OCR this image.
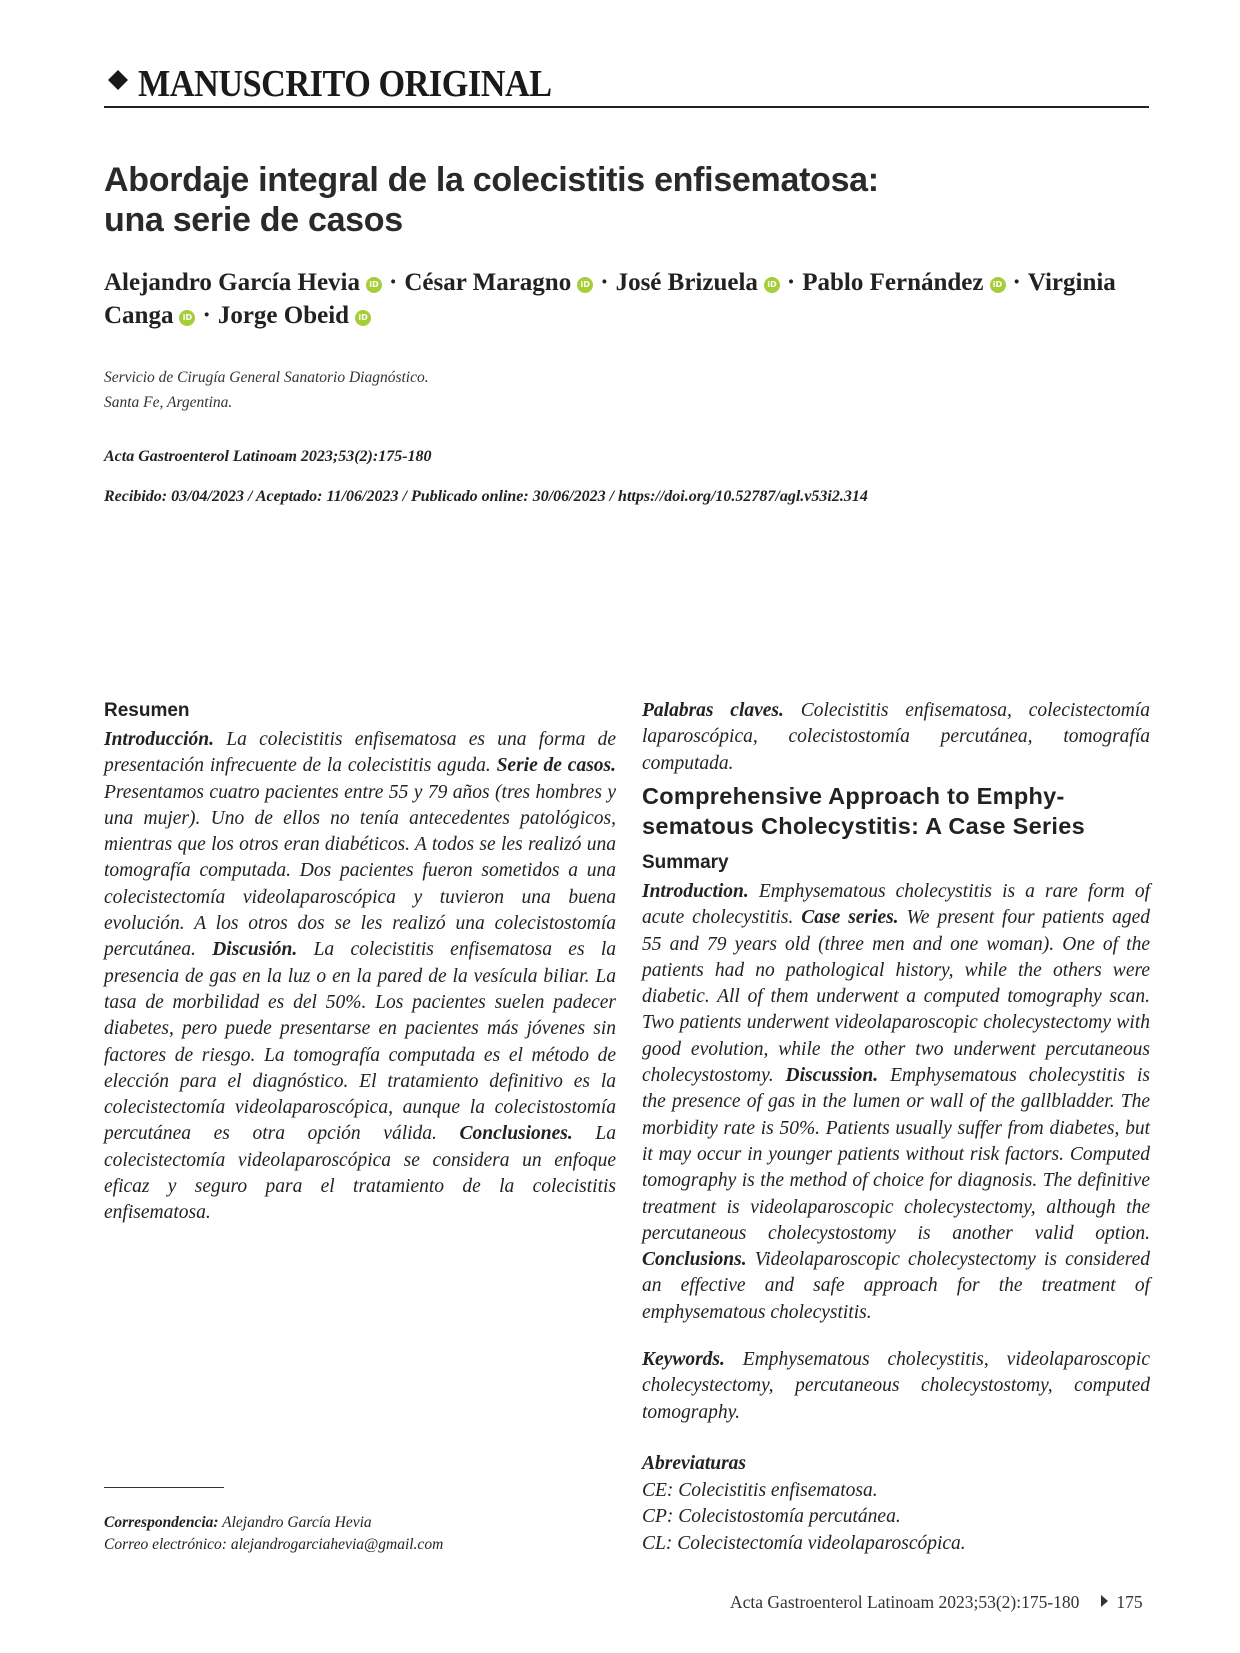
MANUSCRITO ORIGINAL
Abordaje integral de la colecistitis enfisematosa:
una serie de casos
Alejandro García Hevia iD · César Maragno iD · José Brizuela iD · Pablo Fernández iD · Virginia Canga iD · Jorge Obeid iD
Servicio de Cirugía General Sanatorio Diagnóstico.
Santa Fe, Argentina.
Acta Gastroenterol Latinoam 2023;53(2):175-180
Recibido: 03/04/2023 / Aceptado: 11/06/2023 / Publicado online: 30/06/2023 / https://doi.org/10.52787/agl.v53i2.314
Resumen
Introducción. La colecistitis enfisematosa es una forma de presentación infrecuente de la colecistitis aguda. Serie de casos. Presentamos cuatro pacientes entre 55 y 79 años (tres hombres y una mujer). Uno de ellos no tenía antecedentes patológicos, mientras que los otros eran diabéticos. A todos se les realizó una tomografía computada. Dos pacientes fueron sometidos a una colecistectomía videolaparoscópica y tuvieron una buena evolución. A los otros dos se les realizó una colecistostomía percutánea. Discusión. La colecistitis enfisematosa es la presencia de gas en la luz o en la pared de la vesícula biliar. La tasa de morbilidad es del 50%. Los pacientes suelen padecer diabetes, pero puede presentarse en pacientes más jóvenes sin factores de riesgo. La tomografía computada es el método de elección para el diagnóstico. El tratamiento definitivo es la colecistectomía videolaparoscópica, aunque la colecistostomía percutánea es otra opción válida. Conclusiones. La colecistectomía videolaparoscópica se considera un enfoque eficaz y seguro para el tratamiento de la colecistitis enfisematosa.
Palabras claves. Colecistitis enfisematosa, colecistectomía laparoscópica, colecistostomía percutánea, tomografía computada.
Comprehensive Approach to Emphy-
sematous Cholecystitis: A Case Series
Summary
Introduction. Emphysematous cholecystitis is a rare form of acute cholecystitis. Case series. We present four patients aged 55 and 79 years old (three men and one woman). One of the patients had no pathological history, while the others were diabetic. All of them underwent a computed tomography scan. Two patients underwent videolaparoscopic cholecystectomy with good evolution, while the other two underwent percutaneous cholecystostomy. Discussion. Emphysematous cholecystitis is the presence of gas in the lumen or wall of the gallbladder. The morbidity rate is 50%. Patients usually suffer from diabetes, but it may occur in younger patients without risk factors. Computed tomography is the method of choice for diagnosis. The definitive treatment is videolaparoscopic cholecystectomy, although the percutaneous cholecystostomy is another valid option. Conclusions. Videolaparoscopic cholecystectomy is considered an effective and safe approach for the treatment of emphysematous cholecystitis.
Keywords. Emphysematous cholecystitis, videolaparoscopic cholecystectomy, percutaneous cholecystostomy, computed tomography.
Abreviaturas
CE: Colecistitis enfisematosa.
CP: Colecistostomía percutánea.
CL: Colecistectomía videolaparoscópica.
Correspondencia: Alejandro García Hevia
Correo electrónico: alejandrogarciahevia@gmail.com
Acta Gastroenterol Latinoam 2023;53(2):175-180 175
